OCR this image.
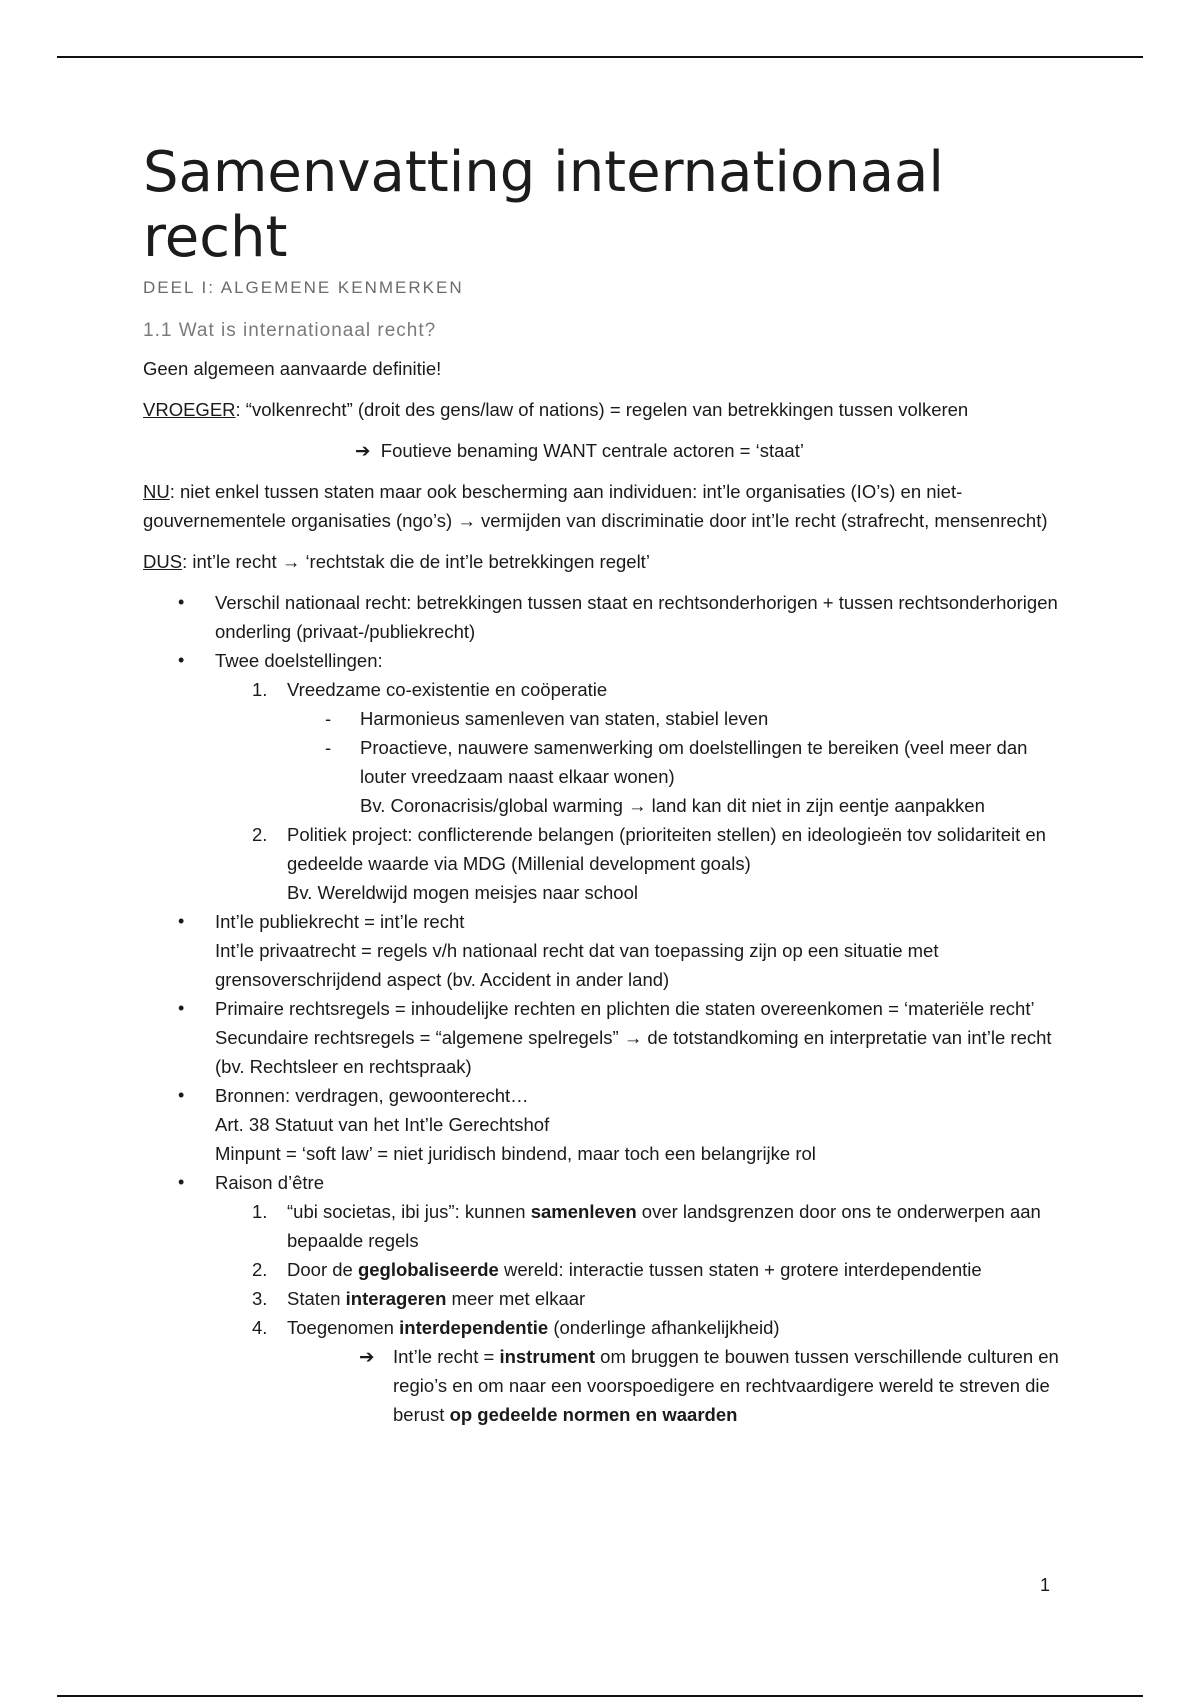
Samenvatting internationaal recht
DEEL I: ALGEMENE KENMERKEN
1.1 Wat is internationaal recht?

Geen algemeen aanvaarde definitie!

VROEGER: “volkenrecht” (droit des gens/law of nations) = regelen van betrekkingen tussen volkeren

➔ Foutieve benaming WANT centrale actoren = ‘staat’

NU: niet enkel tussen staten maar ook bescherming aan individuen: int’le organisaties (IO’s) en niet-gouvernementele organisaties (ngo’s) → vermijden van discriminatie door int’le recht (strafrecht, mensenrecht)

DUS: int’le recht → ‘rechtstak die de int’le betrekkingen regelt’

• Verschil nationaal recht: betrekkingen tussen staat en rechtsonderhorigen + tussen rechtsonderhorigen onderling (privaat-/publiekrecht)
• Twee doelstellingen:
1. Vreedzame co-existentie en coöperatie
- Harmonieus samenleven van staten, stabiel leven
- Proactieve, nauwere samenwerking om doelstellingen te bereiken (veel meer dan louter vreedzaam naast elkaar wonen)
Bv. Coronacrisis/global warming → land kan dit niet in zijn eentje aanpakken
2. Politiek project: conflicterende belangen (prioriteiten stellen) en ideologieën tov solidariteit en gedeelde waarde via MDG (Millenial development goals)
Bv. Wereldwijd mogen meisjes naar school
• Int’le publiekrecht = int’le recht
Int’le privaatrecht = regels v/h nationaal recht dat van toepassing zijn op een situatie met grensoverschrijdend aspect (bv. Accident in ander land)
• Primaire rechtsregels = inhoudelijke rechten en plichten die staten overeenkomen = ‘materiële recht’
Secundaire rechtsregels = “algemene spelregels” → de totstandkoming en interpretatie van int’le recht (bv. Rechtsleer en rechtspraak)
• Bronnen: verdragen, gewoonterecht…
Art. 38 Statuut van het Int’le Gerechtshof
Minpunt = ‘soft law’ = niet juridisch bindend, maar toch een belangrijke rol
• Raison d’être
1. “ubi societas, ibi jus”: kunnen samenleven over landsgrenzen door ons te onderwerpen aan bepaalde regels
2. Door de geglobaliseerde wereld: interactie tussen staten + grotere interdependentie
3. Staten interageren meer met elkaar
4. Toegenomen interdependentie (onderlinge afhankelijkheid)
➔ Int’le recht = instrument om bruggen te bouwen tussen verschillende culturen en regio’s en om naar een voorspoedigere en rechtvaardigere wereld te streven die berust op gedeelde normen en waarden
1
